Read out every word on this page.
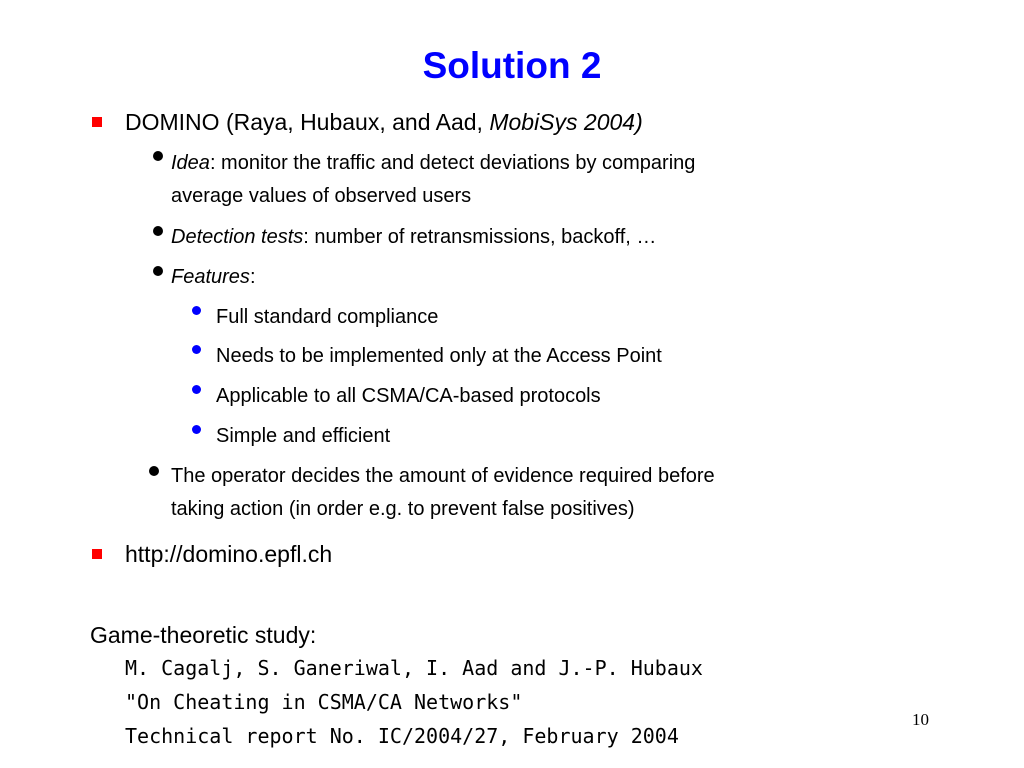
Solution 2
DOMINO (Raya, Hubaux, and Aad, MobiSys 2004)
Idea: monitor the traffic and detect deviations by comparing
average values of observed users
Detection tests: number of retransmissions, backoff, …
Features:
Full standard compliance
Needs to be implemented only at the Access Point
Applicable to all CSMA/CA-based protocols
Simple and efficient
The operator decides the amount of evidence required before
taking action (in order e.g. to prevent false positives)
http://domino.epfl.ch
Game-theoretic study:
M. Cagalj, S. Ganeriwal, I. Aad and J.-P. Hubaux
"On Cheating in CSMA/CA Networks"
Technical report No. IC/2004/27, February 2004
10
